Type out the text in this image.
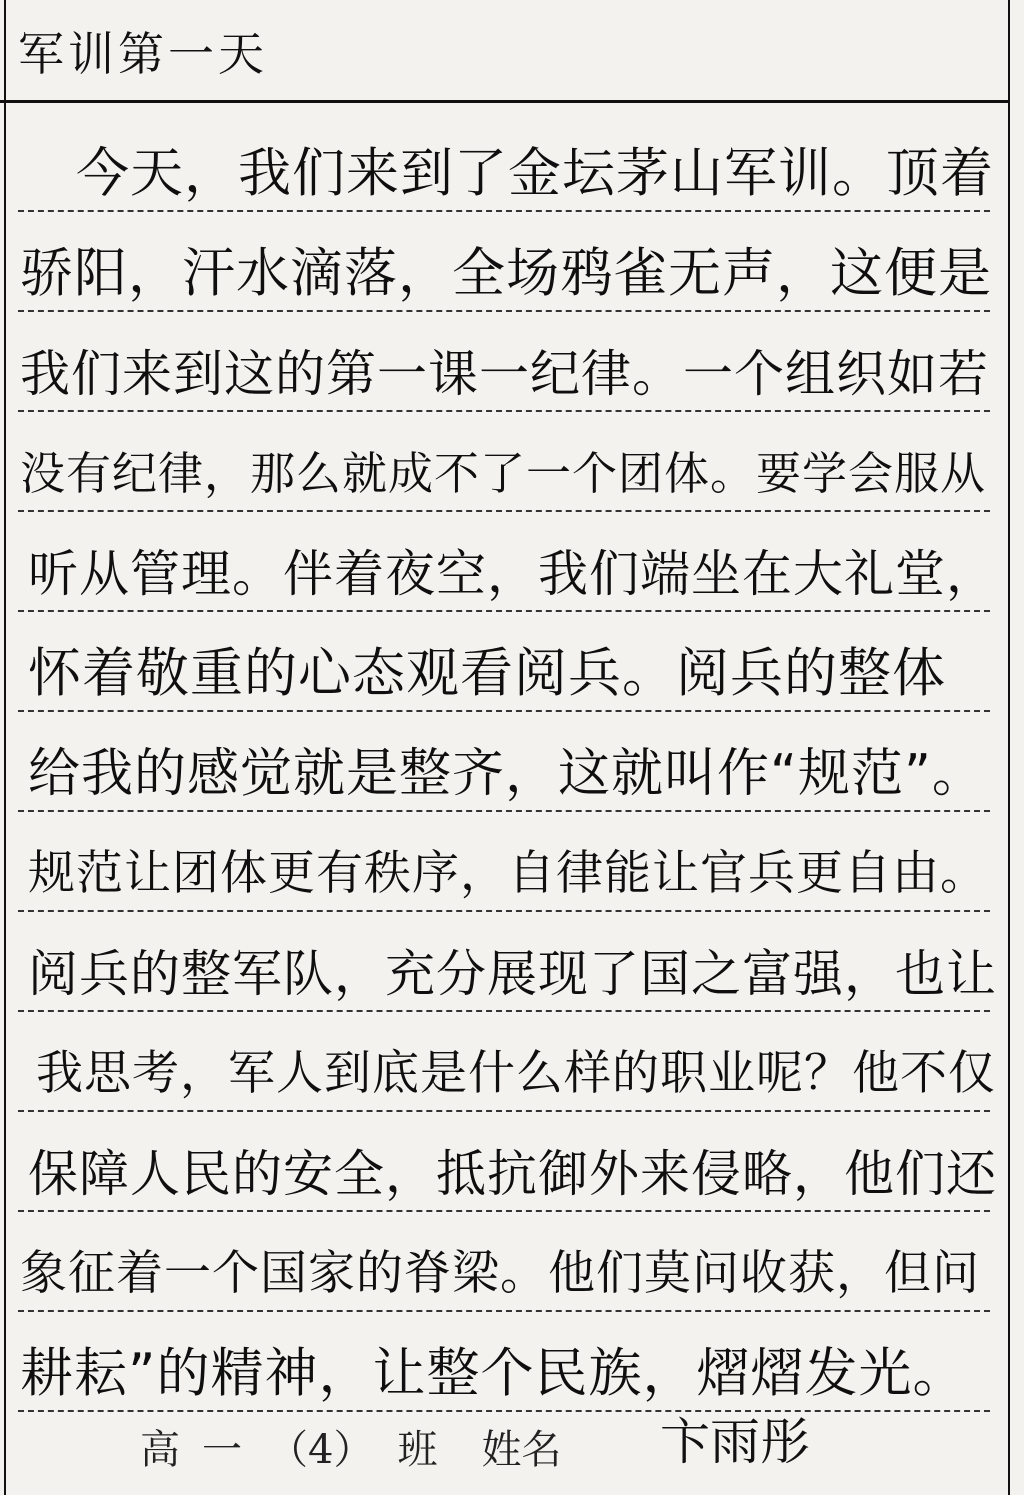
军训第一天
今天，我们来到了金坛茅山军训。顶着
骄阳，汗水滴落，全场鸦雀无声，这便是
我们来到这的第一课一纪律。一个组织如若
没有纪律，那么就成不了一个团体。要学会服从
听从管理。伴着夜空，我们端坐在大礼堂，
怀着敬重的心态观看阅兵。阅兵的整体
给我的感觉就是整齐，这就叫作“规范”。
规范让团体更有秩序，自律能让官兵更自由。
阅兵的整军队，充分展现了国之富强，也让
我思考，军人到底是什么样的职业呢？他不仅
保障人民的安全，抵抗御外来侵略，他们还
象征着一个国家的脊梁。他们莫问收获，但问
耕耘”的精神，让整个民族，熠熠发光。
高一 （4） 班 姓名 卞雨彤
